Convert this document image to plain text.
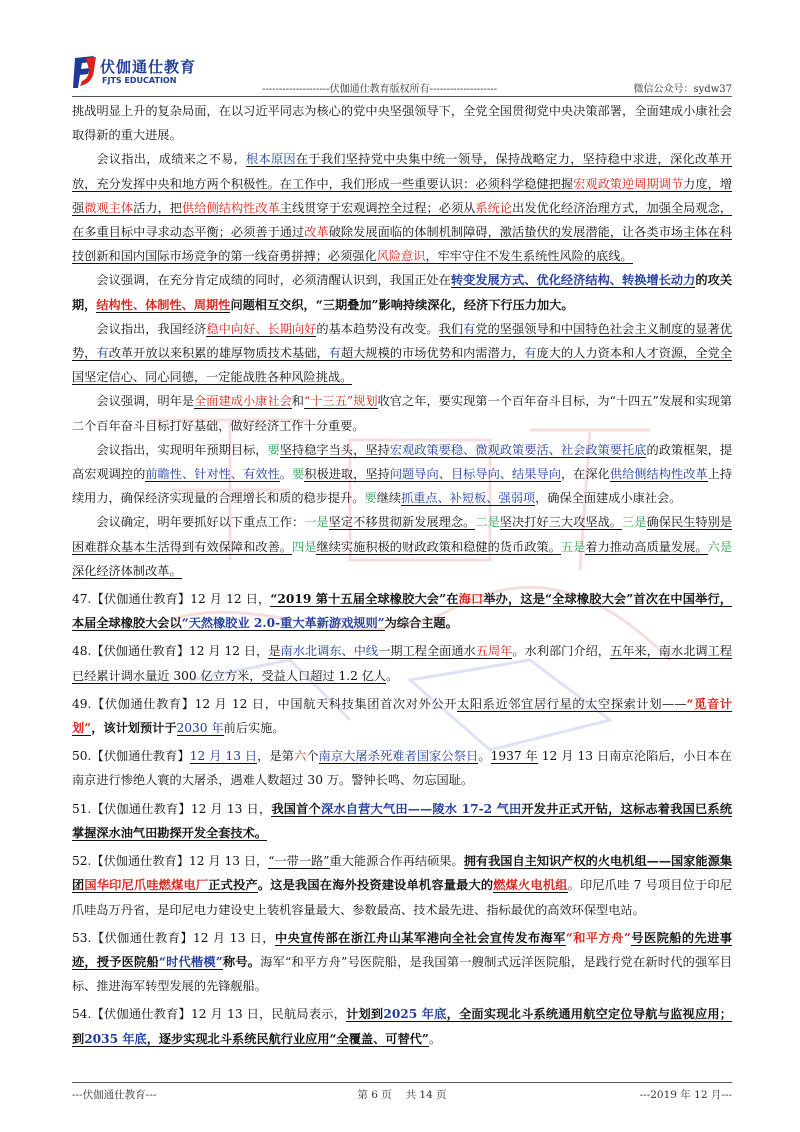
伏伽通仕教育
FJTS EDUCATION
--------------------伏伽通仕教育版权所有--------------------	微信公众号：sydw37

挑战明显上升的复杂局面，在以习近平同志为核心的党中央坚强领导下，全党全国贯彻党中央决策部署，全面建成小康社会取得新的重大进展。

会议指出，成绩来之不易，根本原因在于我们坚持党中央集中统一领导，保持战略定力，坚持稳中求进，深化改革开放，充分发挥中央和地方两个积极性。在工作中，我们形成一些重要认识：必须科学稳健把握宏观政策逆周期调节力度，增强微观主体活力，把供给侧结构性改革主线贯穿于宏观调控全过程；必须从系统论出发优化经济治理方式，加强全局观念，在多重目标中寻求动态平衡；必须善于通过改革破除发展面临的体制机制障碍，激活蛰伏的发展潜能，让各类市场主体在科技创新和国内国际市场竞争的第一线奋勇拼搏；必须强化风险意识，牢牢守住不发生系统性风险的底线。

会议强调，在充分肯定成绩的同时，必须清醒认识到，我国正处在转变发展方式、优化经济结构、转换增长动力的攻关期，结构性、体制性、周期性问题相互交织，“三期叠加”影响持续深化，经济下行压力加大。

会议指出，我国经济稳中向好、长期向好的基本趋势没有改变。我们有党的坚强领导和中国特色社会主义制度的显著优势，有改革开放以来积累的雄厚物质技术基础，有超大规模的市场优势和内需潜力，有庞大的人力资本和人才资源，全党全国坚定信心、同心同德，一定能战胜各种风险挑战。

会议强调，明年是全面建成小康社会和“十三五”规划收官之年，要实现第一个百年奋斗目标，为“十四五”发展和实现第二个百年奋斗目标打好基础，做好经济工作十分重要。

会议指出，实现明年预期目标，要坚持稳字当头，坚持宏观政策要稳、微观政策要活、社会政策要托底的政策框架，提高宏观调控的前瞻性、针对性、有效性。要积极进取，坚持问题导向、目标导向、结果导向，在深化供给侧结构性改革上持续用力，确保经济实现量的合理增长和质的稳步提升。要继续抓重点、补短板、强弱项，确保全面建成小康社会。

会议确定，明年要抓好以下重点工作：一是坚定不移贯彻新发展理念。二是坚决打好三大攻坚战。三是确保民生特别是困难群众基本生活得到有效保障和改善。四是继续实施积极的财政政策和稳健的货币政策。五是着力推动高质量发展。六是深化经济体制改革。

47.【伏伽通仕教育】12 月 12 日，“2019 第十五届全球橡胶大会”在海口举办，这是“全球橡胶大会”首次在中国举行，本届全球橡胶大会以“天然橡胶业 2.0-重大革新游戏规则”为综合主题。

48.【伏伽通仕教育】12 月 12 日，是南水北调东、中线一期工程全面通水五周年。水利部门介绍，五年来，南水北调工程已经累计调水量近 300 亿立方米，受益人口超过 1.2 亿人。

49.【伏伽通仕教育】12 月 12 日，中国航天科技集团首次对外公开太阳系近邻宜居行星的太空探索计划——“觅音计划”，该计划预计于2030 年前后实施。

50.【伏伽通仕教育】12 月 13 日，是第六个南京大屠杀死难者国家公祭日。1937 年 12 月 13 日南京沦陷后，小日本在南京进行惨绝人寰的大屠杀，遇难人数超过 30 万。警钟长鸣、勿忘国耻。

51.【伏伽通仕教育】12 月 13 日，我国首个深水自营大气田——陵水 17-2 气田开发井正式开钻，这标志着我国已系统掌握深水油气田勘探开发全套技术。

52.【伏伽通仕教育】12 月 13 日，“一带一路”重大能源合作再结硕果。拥有我国自主知识产权的火电机组——国家能源集团国华印尼爪哇燃煤电厂正式投产。这是我国在海外投资建设单机容量最大的燃煤火电机组。印尼爪哇 7 号项目位于印尼爪哇岛万丹省，是印尼电力建设史上装机容量最大、参数最高、技术最先进、指标最优的高效环保型电站。

53.【伏伽通仕教育】12 月 13 日，中央宣传部在浙江舟山某军港向全社会宣传发布海军“和平方舟”号医院船的先进事迹，授予医院船“时代楷模”称号。海军“和平方舟”号医院船，是我国第一艘制式远洋医院船，是践行党在新时代的强军目标、推进海军转型发展的先锋舰船。

54.【伏伽通仕教育】12 月 13 日，民航局表示，计划到2025 年底，全面实现北斗系统通用航空定位导航与监视应用；到2035 年底，逐步实现北斗系统民航行业应用“全覆盖、可替代”。

---伏伽通仕教育---	第 6 页　 共 14 页	---2019 年 12 月---
